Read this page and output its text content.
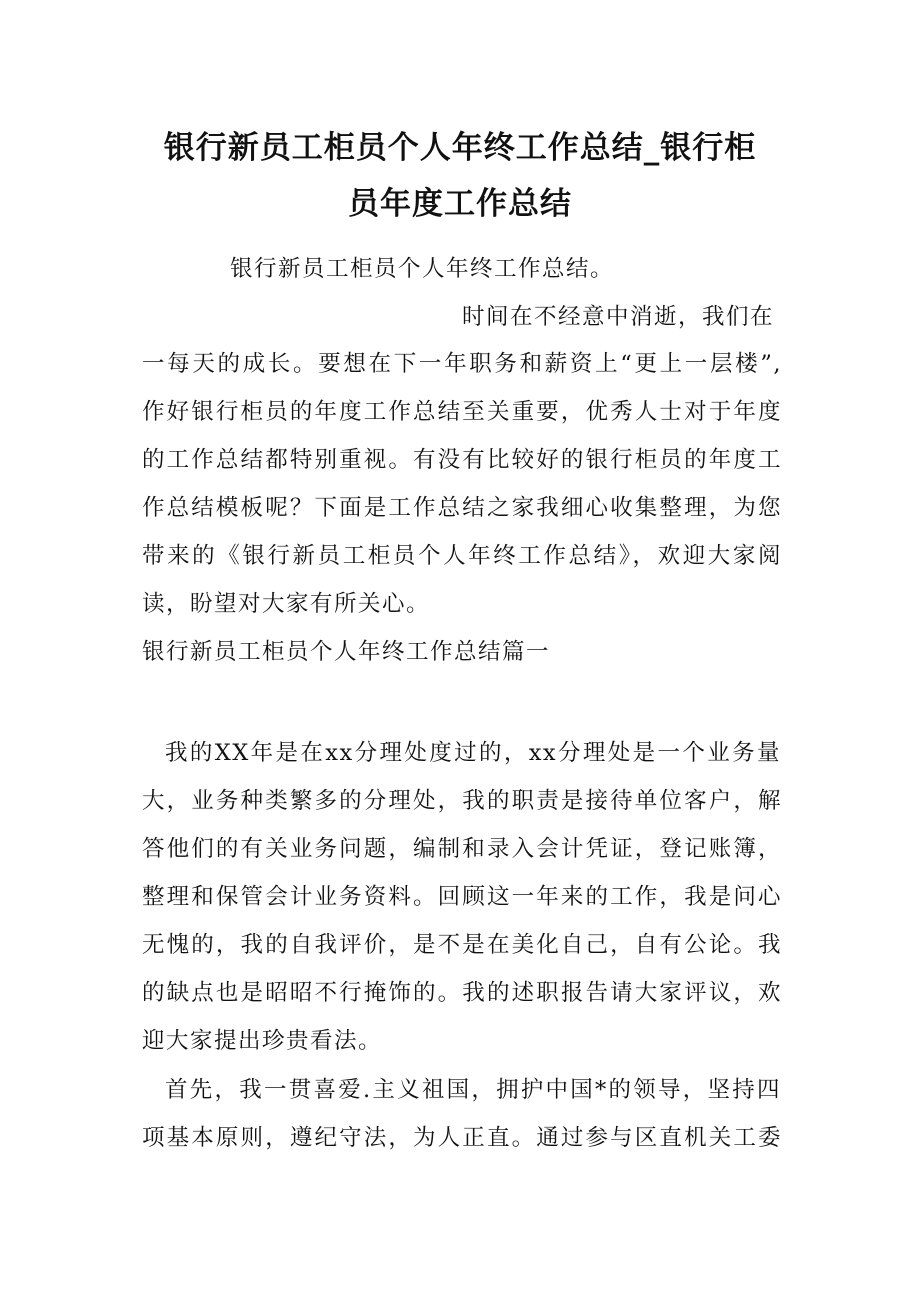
银行新员工柜员个人年终工作总结_银行柜
员年度工作总结

银行新员工柜员个人年终工作总结。

时间在不经意中消逝，我们在

一每天的成长。要想在下一年职务和薪资上“更上一层楼”,

作好银行柜员的年度工作总结至关重要，优秀人士对于年度

的工作总结都特别重视。有没有比较好的银行柜员的年度工

作总结模板呢？下面是工作总结之家我细心收集整理，为您

带来的《银行新员工柜员个人年终工作总结》，欢迎大家阅

读，盼望对大家有所关心。

银行新员工柜员个人年终工作总结篇一

我的XX年是在xx分理处度过的，xx分理处是一个业务量

大，业务种类繁多的分理处，我的职责是接待单位客户，解

答他们的有关业务问题，编制和录入会计凭证，登记账簿，

整理和保管会计业务资料。回顾这一年来的工作，我是问心

无愧的，我的自我评价，是不是在美化自己，自有公论。我

的缺点也是昭昭不行掩饰的。我的述职报告请大家评议，欢

迎大家提出珍贵看法。

首先，我一贯喜爱.主义祖国，拥护中国*的领导，坚持四

项基本原则，遵纪守法，为人正直。通过参与区直机关工委
